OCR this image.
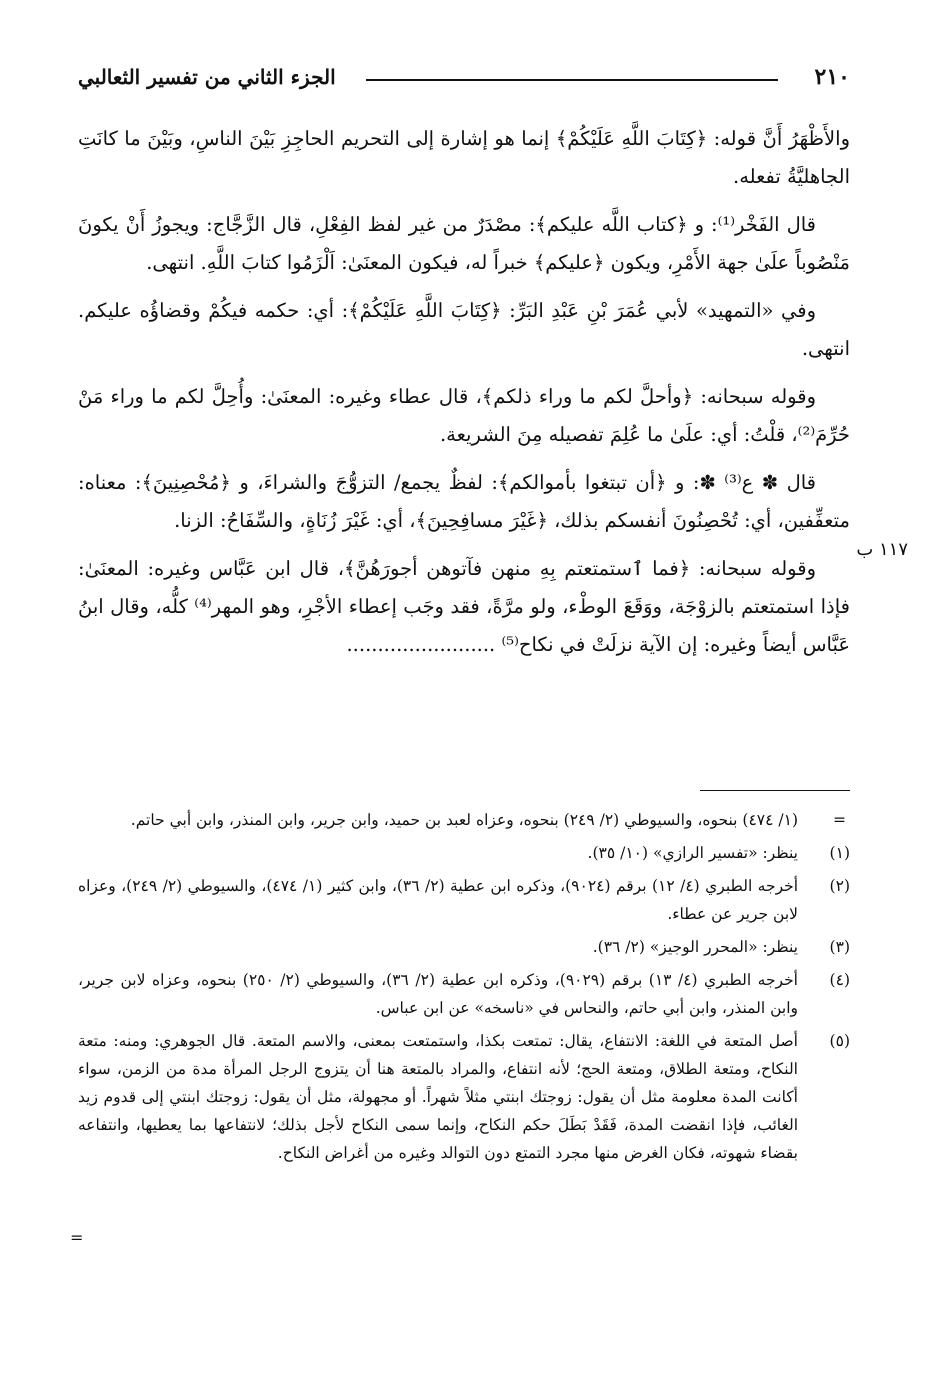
٢١٠
الجزء الثاني من تفسير الثعالبي

والأَظْهَرُ أَنَّ قوله: ﴿كِتَابَ اللَّهِ عَلَيْكُمْ﴾ إنما هو إشارة إلى التحريم الحاجِزِ بَيْنَ الناسِ، وبَيْنَ ما كانَتِ الجاهليَّةُ تفعله.

قال الفَخْر⁽¹⁾: و ﴿كتاب اللَّه عليكم﴾: مصْدَرٌ من غير لفظ الفِعْلِ، قال الزَّجَّاج: ويجوزُ أَنْ يكونَ مَنْصُوباً علَىٰ جهة الأَمْرِ، ويكون ﴿عليكم﴾ خبراً له، فيكون المعنَىٰ: اَلْزَمُوا كتابَ اللَّهِ. انتهى.

وفي «التمهيد» لأبي عُمَرَ بْنِ عَبْدِ البَرِّ: ﴿كِتَابَ اللَّهِ عَلَيْكُمْ﴾: أي: حكمه فيكُمْ وقضاؤُه عليكم. انتهى.

وقوله سبحانه: ﴿وأحلَّ لكم ما وراء ذلكم﴾، قال عطاء وغيره: المعنَىٰ: وأُحِلَّ لكم ما وراء مَنْ حُرِّمَ⁽²⁾، قلْتُ: أي: علَىٰ ما عُلِمَ تفصيله مِنَ الشريعة.

قال ✽ ع⁽³⁾ ✽: و ﴿أن تبتغوا بأموالكم﴾: لفظٌ يجمع/ التزوُّجَ والشراءَ، و ﴿مُحْصِنِينَ﴾: معناه: متعفِّفين، أي: تُحْصِنُونَ أنفسكم بذلك، ﴿غَيْرَ مسافِحِينَ﴾، أي: غَيْرَ زُنَاةٍ، والسِّفَاحُ: الزنا.

وقوله سبحانه: ﴿فما ٱستمتعتم بِهِ منهن فآتوهن أجورَهُنَّ﴾، قال ابن عَبَّاس وغيره: المعنَىٰ: فإذا استمتعتم بالزوْجَة، ووَقَعَ الوطْء، ولو مرَّةً، فقد وجَب إعطاء الأجْرِ، وهو المهر⁽⁴⁾ كلُّه، وقال ابنُ عَبَّاس أيضاً وغيره: إن الآية نزلَتْ في نكاح⁽⁵⁾ ........................

١١٧ ب
=
(١/ ٤٧٤) بنحوه، والسيوطي (٢/ ٢٤٩) بنحوه، وعزاه لعبد بن حميد، وابن جرير، وابن المنذر، وابن أبي حاتم.
(١)
ينظر: «تفسير الرازي» (١٠/ ٣٥).
(٢)
أخرجه الطبري (٤/ ١٢) برقم (٩٠٢٤)، وذكره ابن عطية (٢/ ٣٦)، وابن كثير (١/ ٤٧٤)، والسيوطي (٢/ ٢٤٩)، وعزاه لابن جرير عن عطاء.
(٣)
ينظر: «المحرر الوجيز» (٢/ ٣٦).
(٤)
أخرجه الطبري (٤/ ١٣) برقم (٩٠٢٩)، وذكره ابن عطية (٢/ ٣٦)، والسيوطي (٢/ ٢٥٠) بنحوه، وعزاه لابن جرير، وابن المنذر، وابن أبي حاتم، والنحاس في «ناسخه» عن ابن عباس.
(٥)
أصل المتعة في اللغة: الانتفاع، يقال: تمتعت بكذا، واستمتعت بمعنى، والاسم المتعة. قال الجوهري: ومنه: متعة النكاح، ومتعة الطلاق، ومتعة الحج؛ لأنه انتفاع، والمراد بالمتعة هنا أن يتزوج الرجل المرأة مدة من الزمن، سواء أكانت المدة معلومة مثل أن يقول: زوجتك ابنتي مثلاً شهراً. أو مجهولة، مثل أن يقول: زوجتك ابنتي إلى قدوم زيد الغائب، فإذا انقضت المدة، فَقَدْ بَطَلَ حكم النكاح، وإنما سمى النكاح لأجل بذلك؛ لانتفاعها بما يعطيها، وانتفاعه بقضاء شهوته، فكان الغرض منها مجرد التمتع دون التوالد وغيره من أغراض النكاح.
=
